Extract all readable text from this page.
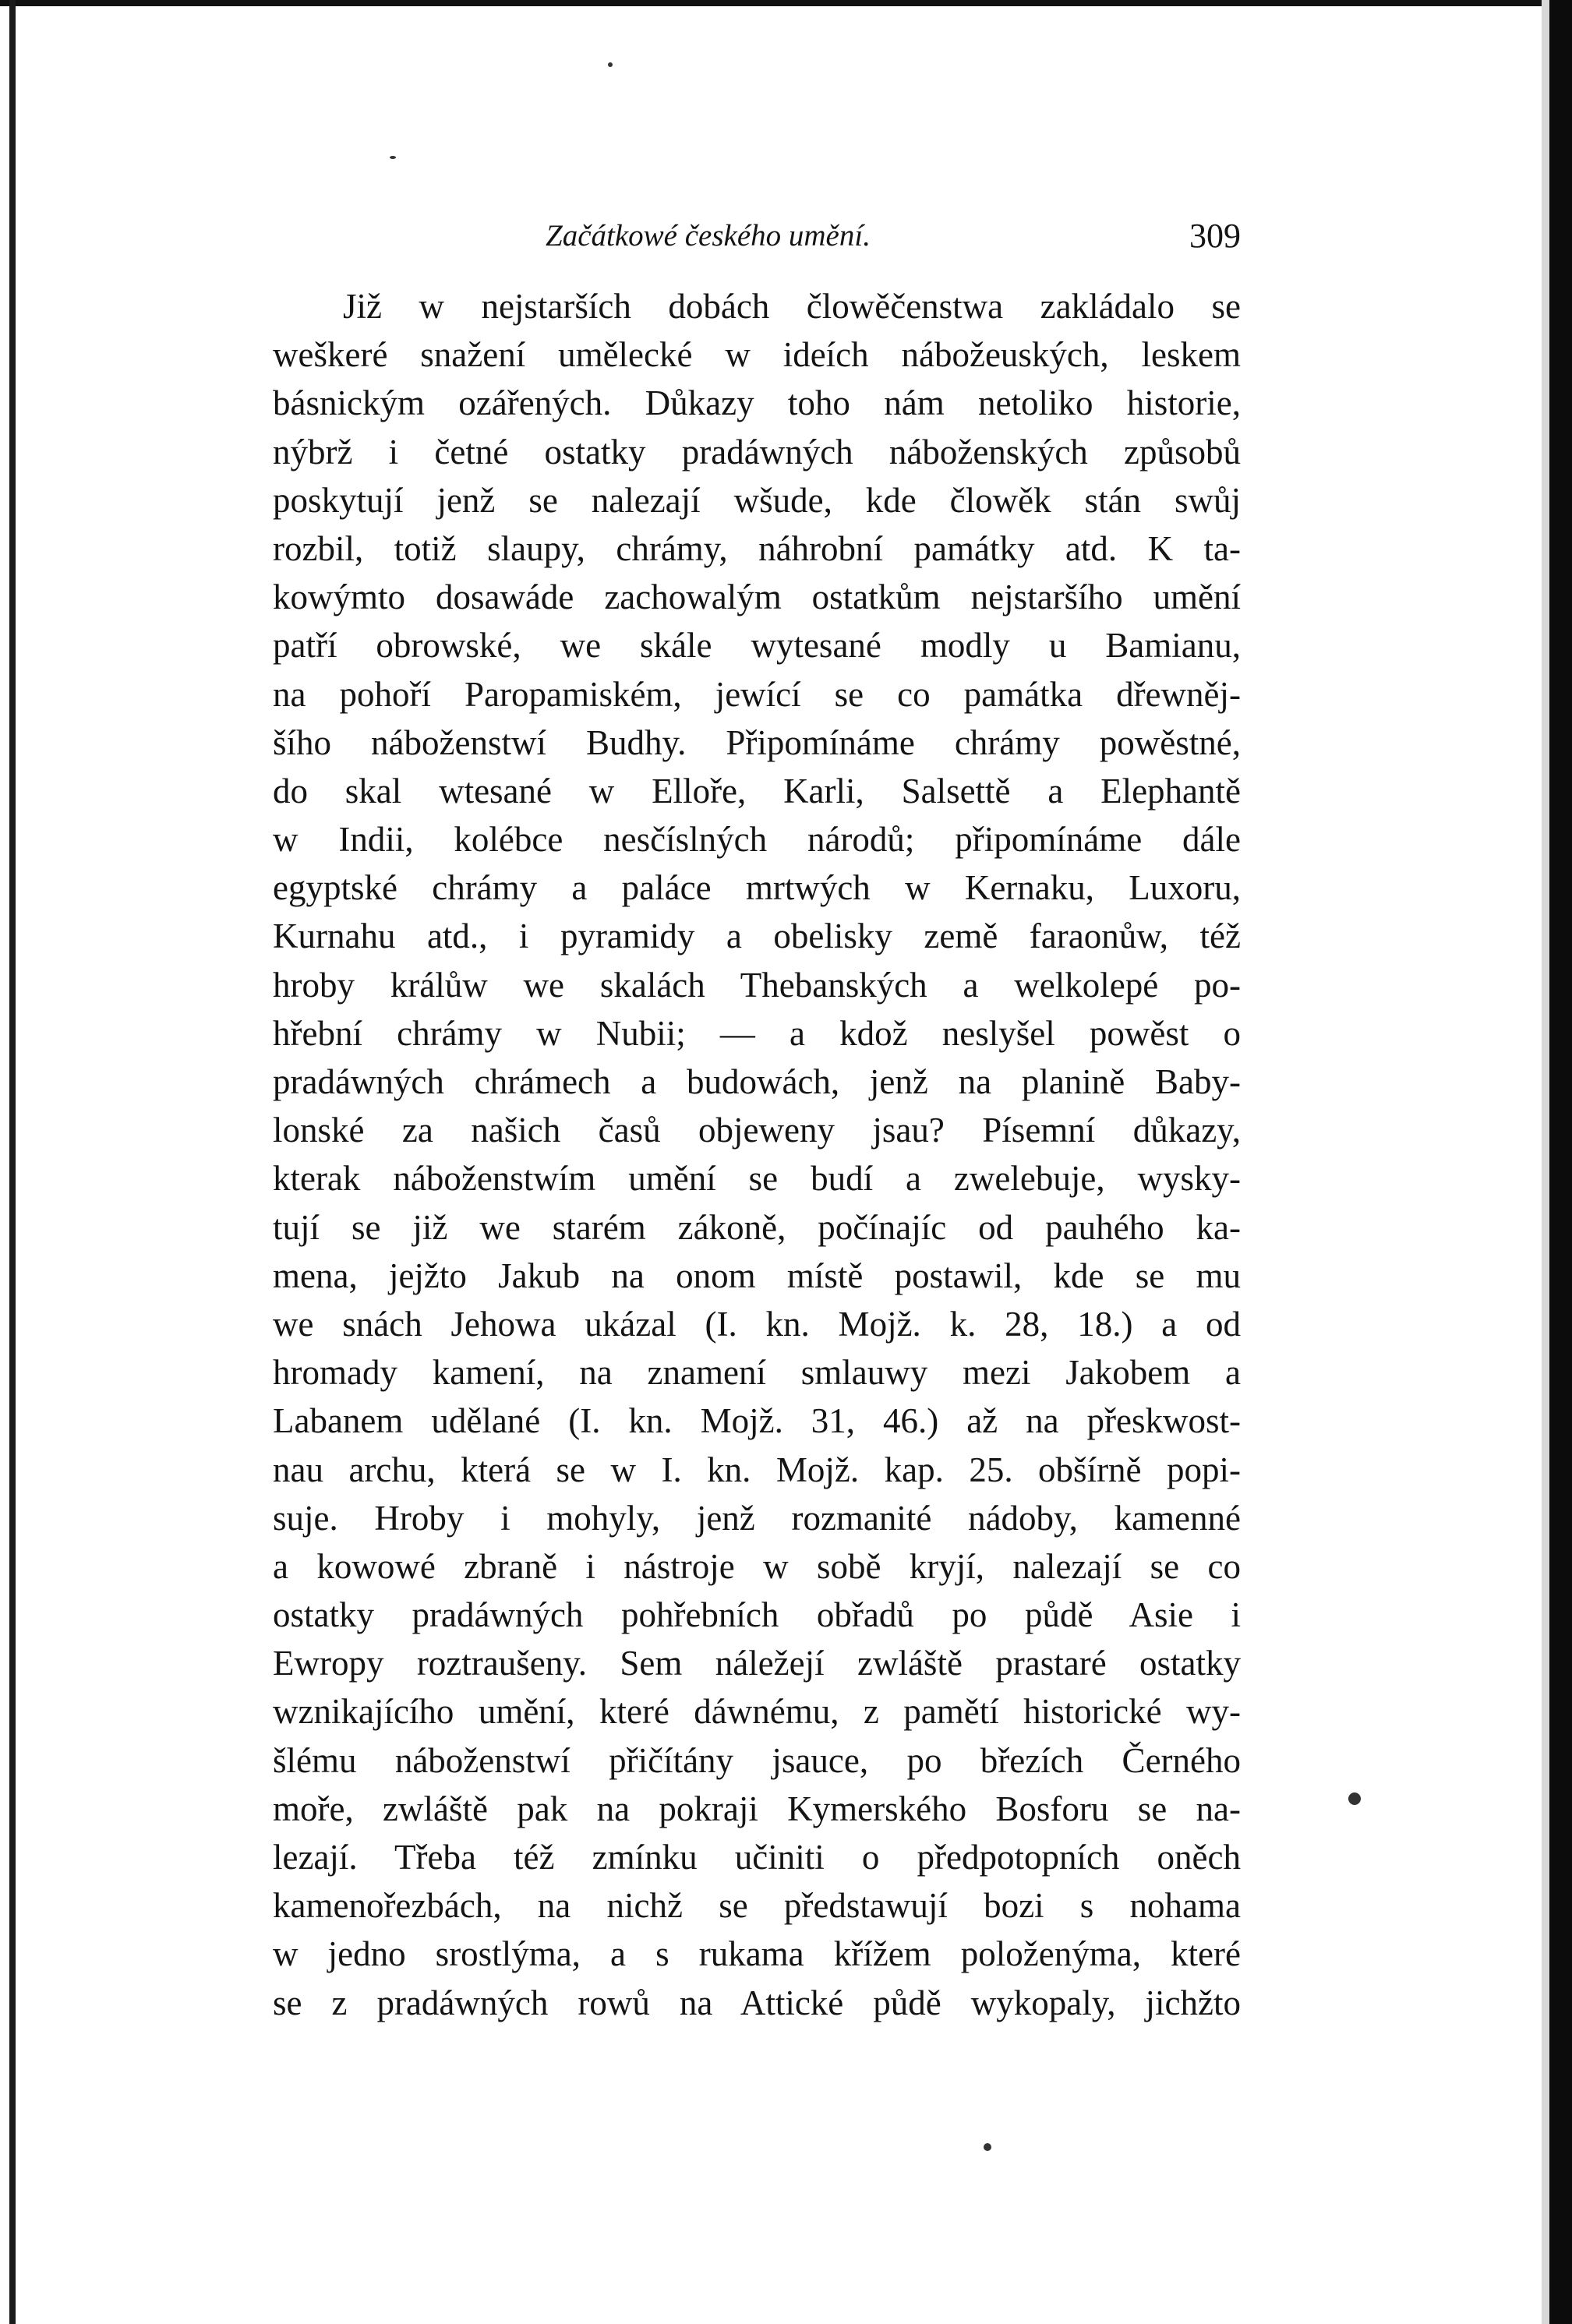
Začátkowé českého umění.	309
Již w nejstarších dobách člowěčenstwa zakládalo se
weškeré snažení umělecké w ideích nábožeuských, leskem
básnickým ozářených. Důkazy toho nám netoliko historie,
nýbrž i četné ostatky pradáwných náboženských způsobů
poskytují jenž se nalezají wšude, kde člowěk stán swůj
rozbil, totiž slaupy, chrámy, náhrobní památky atd. K ta-
kowýmto dosawáde zachowalým ostatkům nejstaršího umění
patří obrowské, we skále wytesané modly u Bamianu,
na pohoří Paropamiském, jewící se co památka dřewněj-
šího náboženstwí Budhy. Připomínáme chrámy powěstné,
do skal wtesané w Elloře, Karli, Salsettě a Elephantě
w Indii, kolébce nesčíslných národů; připomínáme dále
egyptské chrámy a paláce mrtwých w Kernaku, Luxoru,
Kurnahu atd., i pyramidy a obelisky země faraonůw, též
hroby králůw we skalách Thebanských a welkolepé po-
hřební chrámy w Nubii; — a kdož neslyšel powěst o
pradáwných chrámech a budowách, jenž na planině Baby-
lonské za našich časů objeweny jsau? Písemní důkazy,
kterak náboženstwím umění se budí a zwelebuje, wysky-
tují se již we starém zákoně, počínajíc od pauhého ka-
mena, jejžto Jakub na onom místě postawil, kde se mu
we snách Jehowa ukázal (I. kn. Mojž. k. 28, 18.) a od
hromady kamení, na znamení smlauwy mezi Jakobem a
Labanem udělané (I. kn. Mojž. 31, 46.) až na přeskwost-
nau archu, která se w I. kn. Mojž. kap. 25. obšírně popi-
suje. Hroby i mohyly, jenž rozmanité nádoby, kamenné
a kowowé zbraně i nástroje w sobě kryjí, nalezají se co
ostatky pradáwných pohřebních obřadů po půdě Asie i
Ewropy roztraušeny. Sem náležejí zwláště prastaré ostatky
wznikajícího umění, které dáwnému, z pamětí historické wy-
šlému náboženstwí přičítány jsauce, po březích Černého
moře, zwláště pak na pokraji Kymerského Bosforu se na-
lezají. Třeba též zmínku učiniti o předpotopních oněch
kamenořezbách, na nichž se předstawují bozi s nohama
w jedno srostlýma, a s rukama křížem položenýma, které
se z pradáwných rowů na Attické půdě wykopaly, jichžto
